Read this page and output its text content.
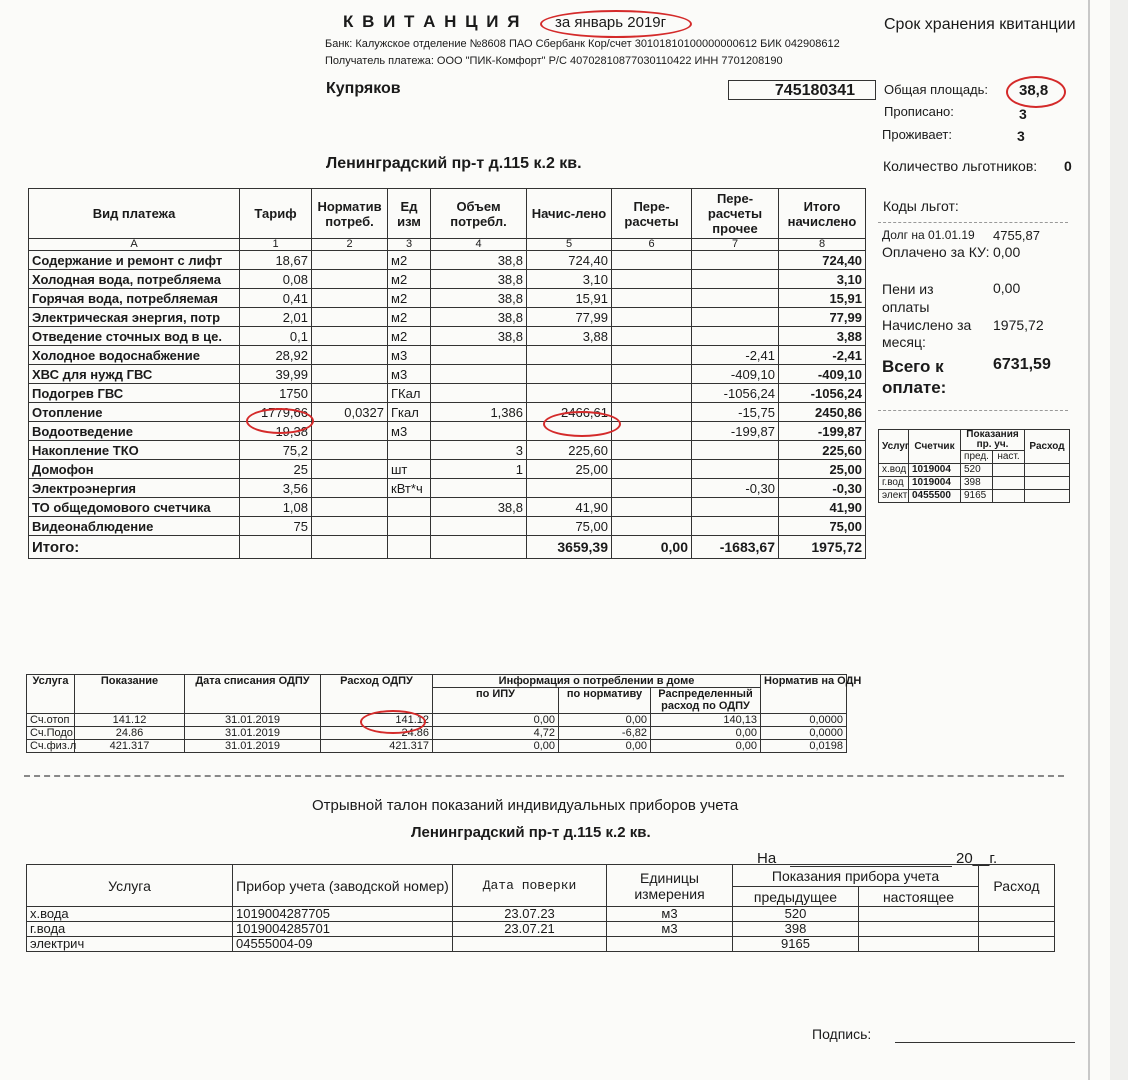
К В И Т А Н Ц И Я за январь 2019г	Срок хранения квитанции
Банк: Калужское отделение №8608 ПАО Сбербанк Кор/счет 30101810100000000612 БИК 042908612
Получатель платежа: ООО "ПИК-Комфорт" Р/С 40702810877030110422 ИНН 7701208190
Купряков	745180341
Ленинградский пр-т д.115 к.2 кв.
Общая площадь: 38,8
Прописано:	3
Проживает:	3
Количество льготников: 0
Коды льгот:
Долг на 01.01.19 4755,87
Оплачено за КУ: 0,00
Пени из оплаты
0,00
Начислено за месяц:
1975,72
Всего к оплате:
6731,59
Вид платежа	Тариф	Норматив потреб.	Ед изм	Объем потребл.	Начис-лено	Пере-расчеты	Пере-расчеты прочее	Итого начислено
А	1	2	3	4	5	6	7	8
Содержание и ремонт с лифт	18,67		м2	38,8	724,40			724,40
Холодная вода, потребляема	0,08		м2	38,8	3,10			3,10
Горячая вода, потребляемая	0,41		м2	38,8	15,91			15,91
Электрическая энергия, потр	2,01		м2	38,8	77,99			77,99
Отведение сточных вод в це.	0,1		м2	38,8	3,88			3,88
Холодное водоснабжение	28,92		м3				-2,41	-2,41
ХВС для нужд ГВС	39,99		м3				-409,10	-409,10
Подогрев ГВС	1750		ГКал				-1056,24	-1056,24
Отопление	1779,66	0,0327	Гкал	1,386	2466,61		-15,75	2450,86
Водоотведение	19,38		м3				-199,87	-199,87
Накопление ТКО	75,2			3	225,60			225,60
Домофон	25		шт	1	25,00			25,00
Электроэнергия	3,56		кВт*ч				-0,30	-0,30
ТО общедомового счетчика	1,08			38,8	41,90			41,90
Видеонаблюдение	75				75,00			75,00
Итого:					3659,39	0,00	-1683,67	1975,72
Услуг	Счетчик	Показания пр. уч.		Расход
		пред.	наст.	
х.вод	1019004	520		
г.вод	1019004	398		
элект	0455500	9165		
Услуга	Показание	Дата списания ОДПУ	Расход ОДПУ	Информация о потреблении в доме			Норматив на ОДН
				по ИПУ	по нормативу	Распределенный расход по ОДПУ	
Сч.отоп	141.12	31.01.2019	141.12	0,00	0,00	140,13	0,0000
Сч.Подо	24.86	31.01.2019	24.86	4,72	-6,82	0,00	0,0000
Сч.физ.л	421.317	31.01.2019	421.317	0,00	0,00	0,00	0,0198
Отрывной талон показаний индивидуальных приборов учета
Ленинградский пр-т д.115 к.2 кв.
На	20__г.
Услуга	Прибор учета (заводской номер)	Дата поверки	Единицы измерения	Показания прибора учета		Расход
				предыдущее	настоящее	
х.вода	1019004287705	23.07.23	м3	520		
г.вода	1019004285701	23.07.21	м3	398		
электрич	04555004-09			9165		
Подпись:
